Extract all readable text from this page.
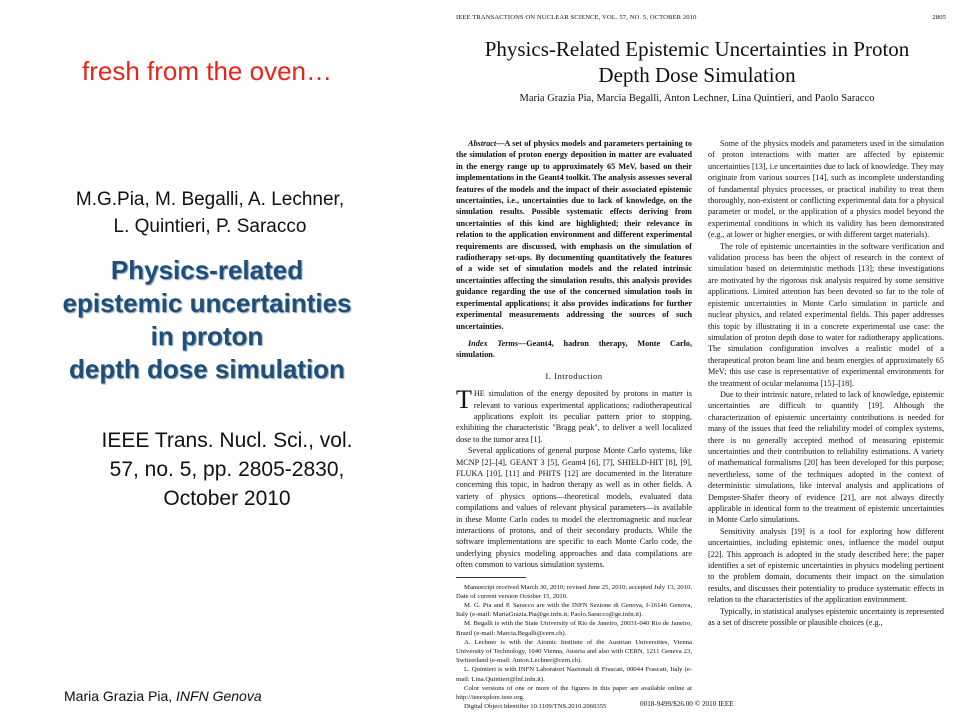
fresh from the oven…
M.G.Pia, M. Begalli, A. Lechner,
L. Quintieri, P. Saracco
Physics-related
epistemic uncertainties
in proton
depth dose simulation
IEEE Trans. Nucl. Sci., vol.
57, no. 5, pp. 2805-2830,
October 2010
Maria Grazia Pia, INFN Genova
IEEE TRANSACTIONS ON NUCLEAR SCIENCE, VOL. 57, NO. 5, OCTOBER 2010	2805
Physics-Related Epistemic Uncertainties in Proton
Depth Dose Simulation
Maria Grazia Pia, Marcia Begalli, Anton Lechner, Lina Quintieri, and Paolo Saracco

Abstract—A set of physics models and parameters pertaining to the simulation of proton energy deposition in matter are evaluated in the energy range up to approximately 65 MeV, based on their implementations in the Geant4 toolkit. The analysis assesses several features of the models and the impact of their associated epistemic uncertainties, i.e., uncertainties due to lack of knowledge, on the simulation results. Possible systematic effects deriving from uncertainties of this kind are highlighted; their relevance in relation to the application environment and different experimental requirements are discussed, with emphasis on the simulation of radiotherapy set-ups. By documenting quantitatively the features of a wide set of simulation models and the related intrinsic uncertainties affecting the simulation results, this analysis provides guidance regarding the use of the concerned simulation tools in experimental applications; it also provides indications for further experimental measurements addressing the sources of such uncertainties.

Index Terms—Geant4, hadron therapy, Monte Carlo, simulation.

I. Introduction

THE simulation of the energy deposited by protons in matter is relevant to various experimental applications; radiotherapeutical applications exploit its peculiar pattern prior to stopping, exhibiting the characteristic "Bragg peak", to deliver a well localized dose to the tumor area [1].

Several applications of general purpose Monte Carlo systems, like MCNP [2]–[4], GEANT 3 [5], Geant4 [6], [7], SHIELD-HIT [8], [9], FLUKA [10], [11] and PHITS [12] are documented in the literature concerning this topic, in hadron therapy as well as in other fields. A variety of physics options—theoretical models, evaluated data compilations and values of relevant physical parameters—is available in these Monte Carlo codes to model the electromagnetic and nuclear interactions of protons, and of their secondary products. While the software implementations are specific to each Monte Carlo code, the underlying physics modeling approaches and data compilations are often common to various simulation systems.

Manuscript received March 30, 2010; revised June 25, 2010; accepted July 13, 2010. Date of current version October 15, 2010.

M. G. Pia and P. Saracco are with the INFN Sezione di Genova, I-16146 Genova, Italy (e-mail: MariaGrazia.Pia@ge.infn.it; Paolo.Saracco@ge.infn.it).

M. Begalli is with the State University of Rio de Janeiro, 20031-040 Rio de Janeiro, Brazil (e-mail: Marcia.Begalli@cern.ch).

A. Lechner is with the Atomic Institute of the Austrian Universities, Vienna University of Technology, 1040 Vienna, Austria and also with CERN, 1211 Geneva 23, Switzerland (e-mail: Anton.Lechner@cern.ch).

L. Quintieri is with INFN Laboratori Nazionali di Frascati, 00044 Frascati, Italy (e-mail: Lina.Quintieri@lnf.infn.it).

Color versions of one or more of the figures in this paper are available online at http://ieeexplore.ieee.org.

Digital Object Identifier 10.1109/TNS.2010.2060355

Some of the physics models and parameters used in the simulation of proton interactions with matter are affected by epistemic uncertainties [13], i.e uncertainties due to lack of knowledge. They may originate from various sources [14], such as incomplete understanding of fundamental physics processes, or practical inability to treat them thoroughly, non-existent or conflicting experimental data for a physical parameter or model, or the application of a physics model beyond the experimental conditions in which its validity has been demonstrated (e.g., at lower or higher energies, or with different target materials).

The role of epistemic uncertainties in the software verification and validation process has been the object of research in the context of simulation based on deterministic methods [13]; these investigations are motivated by the rigorous risk analysis required by some sensitive applications. Limited attention has been devoted so far to the role of epistemic uncertainties in Monte Carlo simulation in particle and nuclear physics, and related experimental fields. This paper addresses this topic by illustrating it in a concrete experimental use case: the simulation of proton depth dose to water for radiotherapy applications. The simulation configuration involves a realistic model of a therapeutical proton beam line and beam energies of approximately 65 MeV; this use case is representative of experimental environments for the treatment of ocular melanoma [15]–[18].

Due to their intrinsic nature, related to lack of knowledge, epistemic uncertainties are difficult to quantify [19]. Although the characterization of epistemic uncertainty contributions is needed for many of the issues that feed the reliability model of complex systems, there is no generally accepted method of measuring epistemic uncertainties and their contribution to reliability estimations. A variety of mathematical formalisms [20] has been developed for this purpose; nevertheless, some of the techniques adopted in the context of deterministic simulations, like interval analysis and applications of Dempster-Shafer theory of evidence [21], are not always directly applicable in identical form to the treatment of epistemic uncertainties in Monte Carlo simulations.

Sensitivity analysis [19] is a tool for exploring how different uncertainties, including epistemic ones, influence the model output [22]. This approach is adopted in the study described here: the paper identifies a set of epistemic uncertainties in physics modeling pertinent to the problem domain, documents their impact on the simulation results, and discusses their potentiality to produce systematic effects in relation to the characteristics of the application environment.

Typically, in statistical analyses epistemic uncertainty is represented as a set of discrete possible or plausible choices (e.g.,

0018-9499/$26.00 © 2010 IEEE
